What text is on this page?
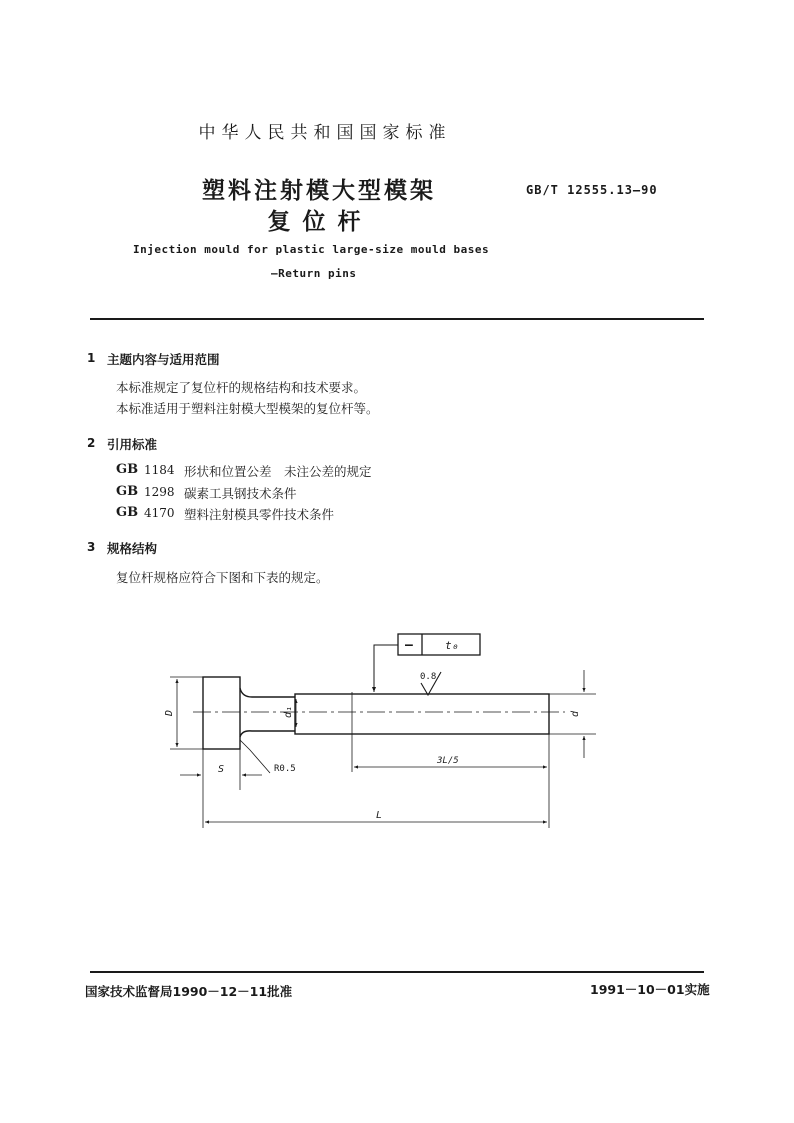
中华人民共和国国家标准
塑料注射模大型模架
复位杆
GB/T 12555.13—90
Injection mould for plastic large-size mould bases
—Return pins
1 主题内容与适用范围
本标准规定了复位杆的规格结构和技术要求。
本标准适用于塑料注射模大型模架的复位杆等。
2 引用标准
GB 1184 形状和位置公差　未注公差的规定
GB 1298 碳素工具钢技术条件
GB 4170 塑料注射模具零件技术条件
3 规格结构
复位杆规格应符合下图和下表的规定。
—	t₀
0.8
D	d₁	d
S	R0.5
3L/5
L
国家技术监督局1990－12－11批准	1991－10－01实施
